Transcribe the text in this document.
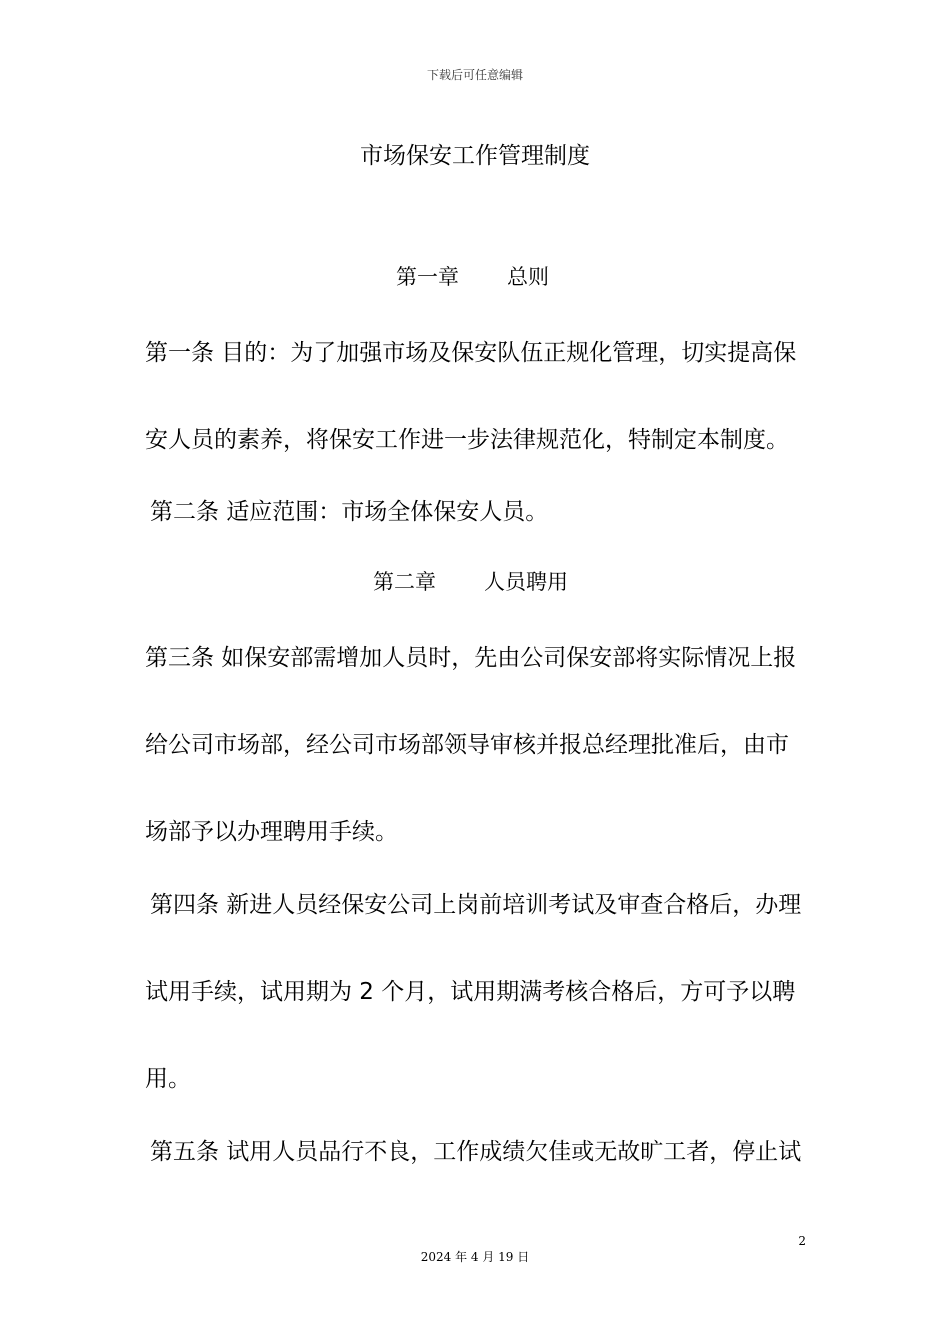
下载后可任意编辑
市场保安工作管理制度
第一章 总则
第一条 目的：为了加强市场及保安队伍正规化管理，切实提高保
安人员的素养，将保安工作进一步法律规范化，特制定本制度。
第二条 适应范围：市场全体保安人员。
第二章 人员聘用
第三条 如保安部需增加人员时，先由公司保安部将实际情况上报
给公司市场部，经公司市场部领导审核并报总经理批准后，由市
场部予以办理聘用手续。
第四条 新进人员经保安公司上岗前培训考试及审查合格后，办理
试用手续，试用期为 2 个月，试用期满考核合格后，方可予以聘
用。
第五条 试用人员品行不良，工作成绩欠佳或无故旷工者，停止试
2
2024 年 4 月 19 日
